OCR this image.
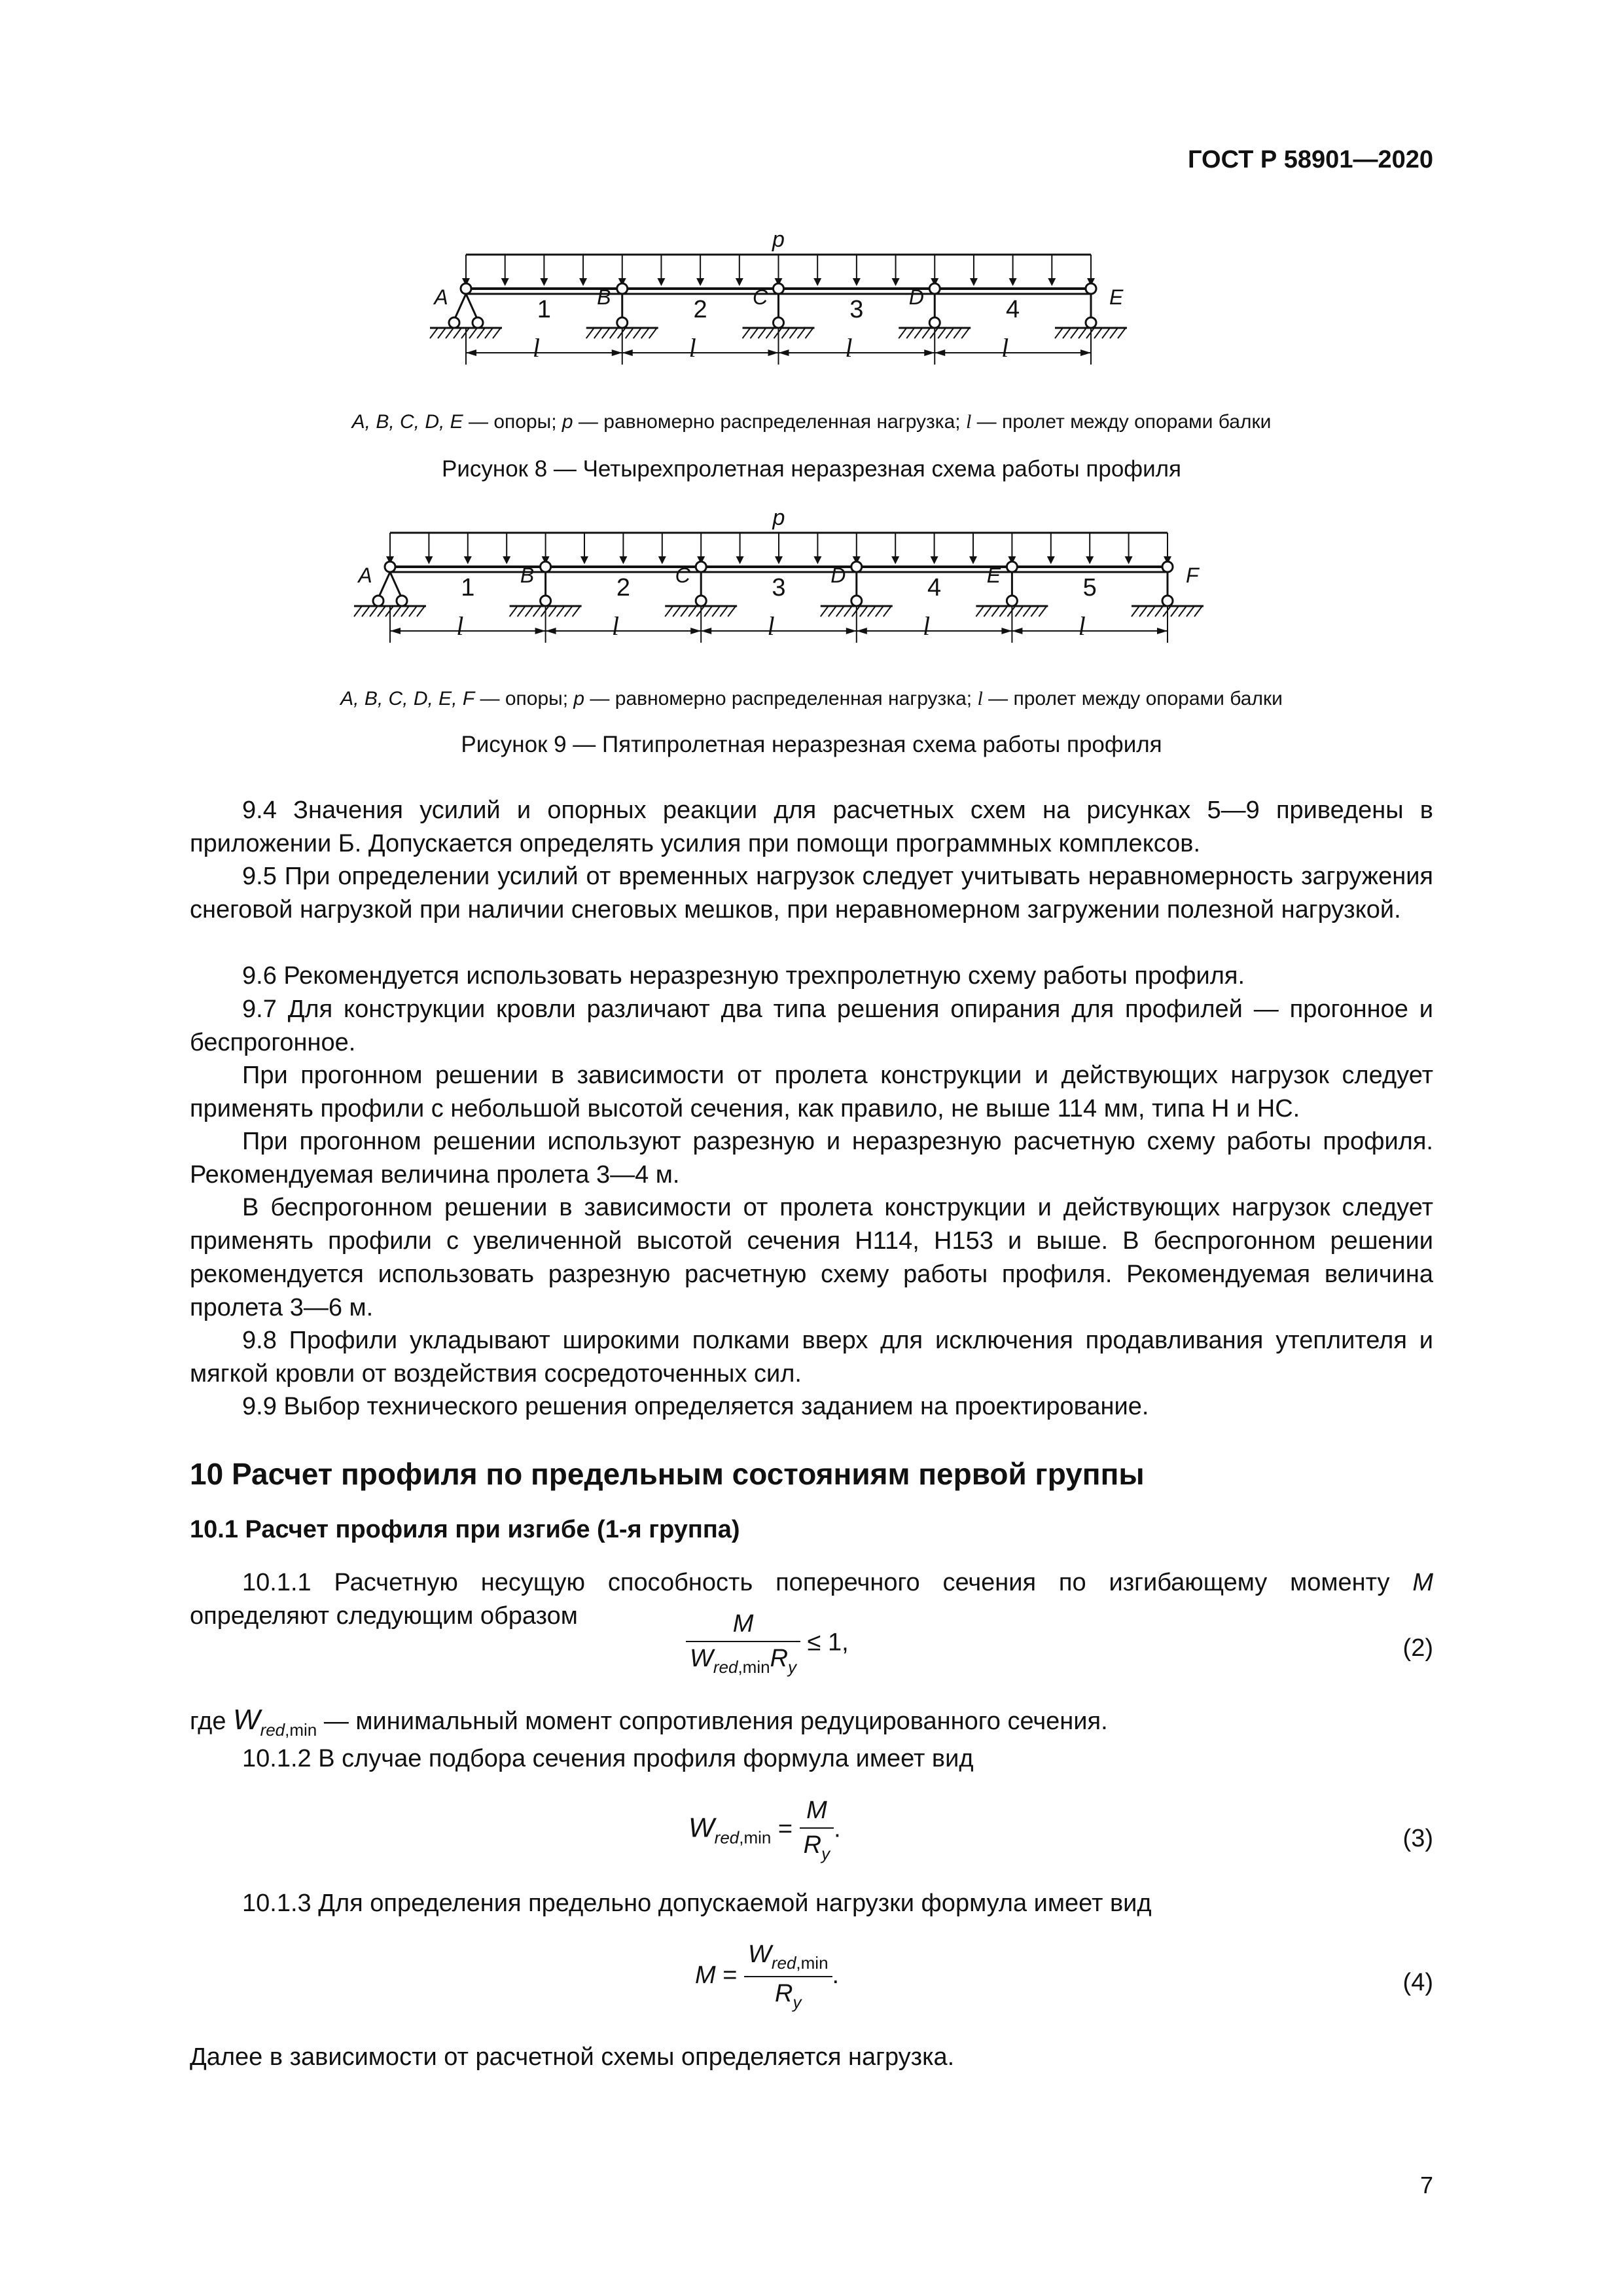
ГОСТ Р 58901—2020
p
A	B	C	D	E
1
l
2
l
3
l
4
l
p
A	B	C	D	E	F
1
l
2
l
3
l
4
l
5
l
A, B, C, D, E — опоры; p — равномерно распределенная нагрузка; l — пролет между опорами балки
Рисунок 8 — Четырехпролетная неразрезная схема работы профиля
A, B, C, D, E, F — опоры; p — равномерно распределенная нагрузка; l — пролет между опорами балки
Рисунок 9 — Пятипролетная неразрезная схема работы профиля
9.4 Значения усилий и опорных реакции для расчетных схем на рисунках 5—9 приведены в приложении Б. Допускается определять усилия при помощи программных комплексов.
9.5 При определении усилий от временных нагрузок следует учитывать неравномерность загружения снеговой нагрузкой при наличии снеговых мешков, при неравномерном загружении полезной нагрузкой.
9.6 Рекомендуется использовать неразрезную трехпролетную схему работы профиля.
9.7 Для конструкции кровли различают два типа решения опирания для профилей — прогонное и беспрогонное.
При прогонном решении в зависимости от пролета конструкции и действующих нагрузок следует применять профили с небольшой высотой сечения, как правило, не выше 114 мм, типа Н и НС.
При прогонном решении используют разрезную и неразрезную расчетную схему работы профиля. Рекомендуемая величина пролета 3—4 м.
В беспрогонном решении в зависимости от пролета конструкции и действующих нагрузок следует применять профили с увеличенной высотой сечения Н114, Н153 и выше. В беспрогонном решении рекомендуется использовать разрезную расчетную схему работы профиля. Рекомендуемая величина пролета 3—6 м.
9.8 Профили укладывают широкими полками вверх для исключения продавливания утеплителя и мягкой кровли от воздействия сосредоточенных сил.
9.9 Выбор технического решения определяется заданием на проектирование.
10 Расчет профиля по предельным состояниям первой группы
10.1 Расчет профиля при изгибе (1-я группа)
10.1.1 Расчетную несущую способность поперечного сечения по изгибающему моменту M определяют следующим образом	$\frac{M}{W_{red,min}R_y} \le 1$,	(2)
где $W_{red,min}$ — минимальный момент сопротивления редуцированного сечения.
10.1.2 В случае подбора сечения профиля формула имеет вид
$W_{red,min} = \frac{M}{R_y}$ .	(3)
10.1.3 Для определения предельно допускаемой нагрузки формула имеет вид
$M = \frac{W_{red,min}}{R_y}$ .	(4)
Далее в зависимости от расчетной схемы определяется нагрузка.
7
